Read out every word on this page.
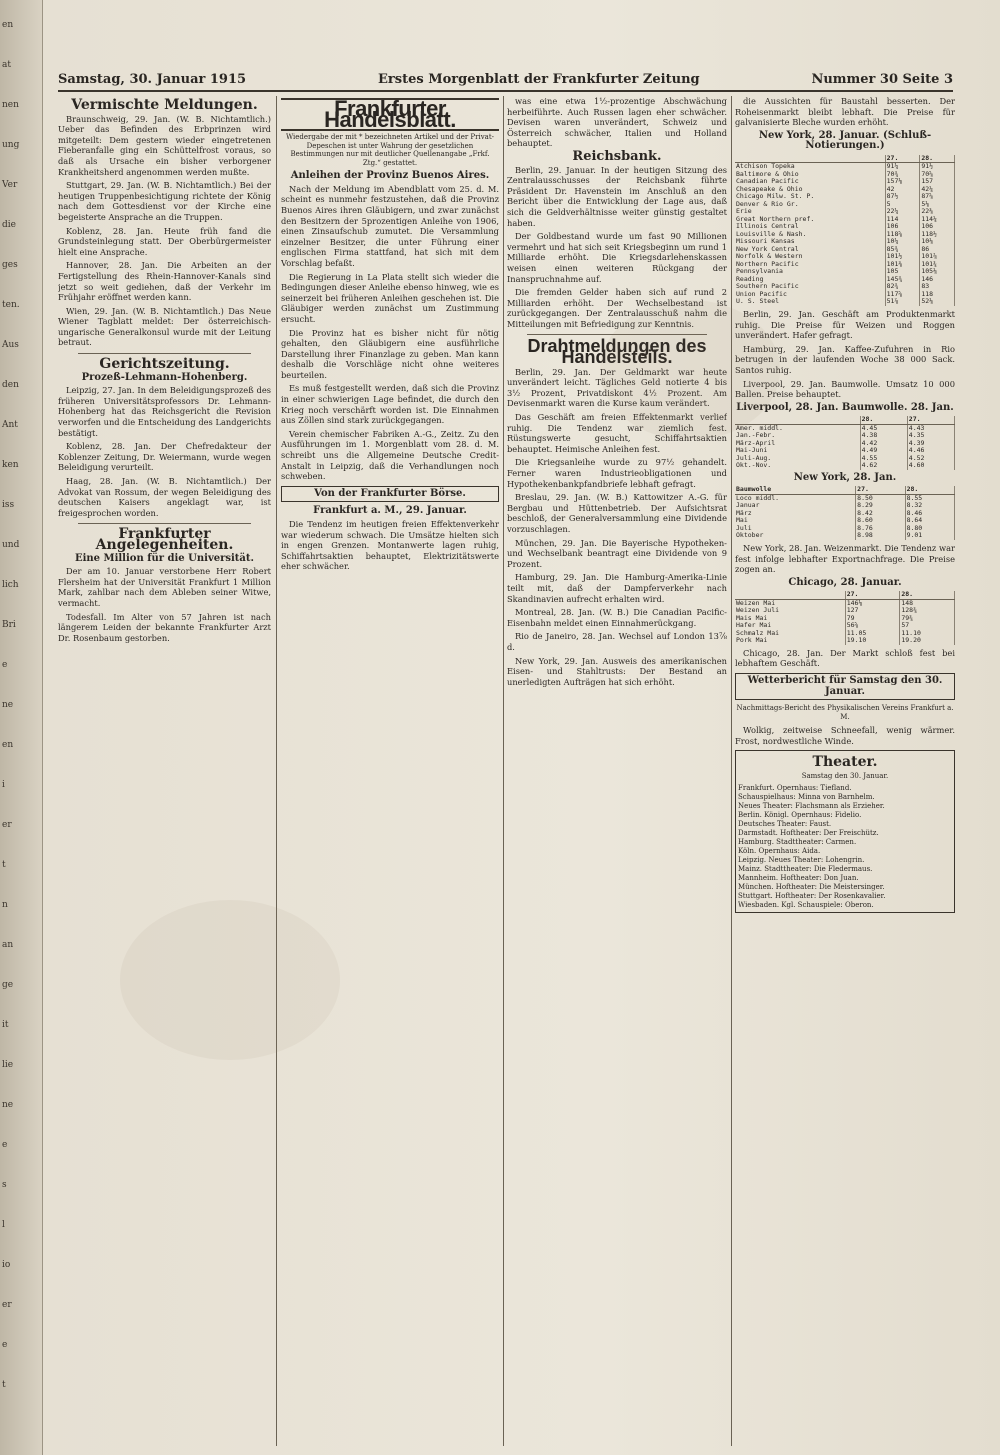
en
at
nen
ung
Ver
die
ges
ten.
Aus
den
Ant
ken
iss
und
lich
Bri
e
ne
en
i
er
t
n
an
ge
it
lie
ne
e
s
l
io
er
e
t
Samstag, 30. Januar 1915	Erstes Morgenblatt der Frankfurter Zeitung	Nummer 30 Seite 3
Vermischte Meldungen.

Braunschweig, 29. Jan. (W. B. Nichtamtlich.) Ueber das Befinden des Erbprinzen wird mitgeteilt: Dem gestern wieder eingetretenen Fieberanfalle ging ein Schüttelfrost voraus, so daß als Ursache ein bisher verborgener Krankheitsherd angenommen werden mußte.

Stuttgart, 29. Jan. (W. B. Nichtamtlich.) Bei der heutigen Truppenbesichtigung richtete der König nach dem Gottesdienst vor der Kirche eine begeisterte Ansprache an die Truppen.

Koblenz, 28. Jan. Heute früh fand die Grundsteinlegung statt. Der Oberbürgermeister hielt eine Ansprache.

Hannover, 28. Jan. Die Arbeiten an der Fertigstellung des Rhein-Hannover-Kanals sind jetzt so weit gediehen, daß der Verkehr im Frühjahr eröffnet werden kann.

Wien, 29. Jan. (W. B. Nichtamtlich.) Das Neue Wiener Tagblatt meldet: Der österreichisch-ungarische Generalkonsul wurde mit der Leitung betraut.

Gerichtszeitung.
Prozeß-Lehmann-Hohenberg.

Leipzig, 27. Jan. In dem Beleidigungsprozeß des früheren Universitätsprofessors Dr. Lehmann-Hohenberg hat das Reichsgericht die Revision verworfen und die Entscheidung des Landgerichts bestätigt.

Koblenz, 28. Jan. Der Chefredakteur der Koblenzer Zeitung, Dr. Weiermann, wurde wegen Beleidigung verurteilt.

Haag, 28. Jan. (W. B. Nichtamtlich.) Der Advokat van Rossum, der wegen Beleidigung des deutschen Kaisers angeklagt war, ist freigesprochen worden.

Frankfurter Angelegenheiten.
Eine Million für die Universität.

Der am 10. Januar verstorbene Herr Robert Flersheim hat der Universität Frankfurt 1 Million Mark, zahlbar nach dem Ableben seiner Witwe, vermacht.

Todesfall. Im Alter von 57 Jahren ist nach längerem Leiden der bekannte Frankfurter Arzt Dr. Rosenbaum gestorben.

Frankfurter Handelsblatt.
Wiedergabe der mit * bezeichneten Artikel und der Privat-Depeschen ist unter Wahrung der gesetzlichen Bestimmungen nur mit deutlicher Quellenangabe „Frkf. Ztg.“ gestattet.
Anleihen der Provinz Buenos Aires.

Nach der Meldung im Abendblatt vom 25. d. M. scheint es nunmehr festzustehen, daß die Provinz Buenos Aires ihren Gläubigern, und zwar zunächst den Besitzern der 5prozentigen Anleihe von 1906, einen Zinsaufschub zumutet. Die Versammlung einzelner Besitzer, die unter Führung einer englischen Firma stattfand, hat sich mit dem Vorschlag befaßt.

Die Regierung in La Plata stellt sich wieder die Bedingungen dieser Anleihe ebenso hinweg, wie es seinerzeit bei früheren Anleihen geschehen ist. Die Gläubiger werden zunächst um Zustimmung ersucht.

Die Provinz hat es bisher nicht für nötig gehalten, den Gläubigern eine ausführliche Darstellung ihrer Finanzlage zu geben. Man kann deshalb die Vorschläge nicht ohne weiteres beurteilen.

Es muß festgestellt werden, daß sich die Provinz in einer schwierigen Lage befindet, die durch den Krieg noch verschärft worden ist. Die Einnahmen aus Zöllen sind stark zurückgegangen.

Verein chemischer Fabriken A.-G., Zeitz. Zu den Ausführungen im 1. Morgenblatt vom 28. d. M. schreibt uns die Allgemeine Deutsche Credit-Anstalt in Leipzig, daß die Verhandlungen noch schweben.

Von der Frankfurter Börse.
Frankfurt a. M., 29. Januar.

Die Tendenz im heutigen freien Effektenverkehr war wiederum schwach. Die Umsätze hielten sich in engen Grenzen. Montanwerte lagen ruhig, Schiffahrtsaktien behauptet, Elektrizitätswerte eher schwächer.

was eine etwa 1½-prozentige Abschwächung herbeiführte. Auch Russen lagen eher schwächer. Devisen waren unverändert, Schweiz und Österreich schwächer, Italien und Holland behauptet.

Reichsbank.

Berlin, 29. Januar. In der heutigen Sitzung des Zentralausschusses der Reichsbank führte Präsident Dr. Havenstein im Anschluß an den Bericht über die Entwicklung der Lage aus, daß sich die Geldverhältnisse weiter günstig gestaltet haben.

Der Goldbestand wurde um fast 90 Millionen vermehrt und hat sich seit Kriegsbeginn um rund 1 Milliarde erhöht. Die Kriegsdarlehenskassen weisen einen weiteren Rückgang der Inanspruchnahme auf.

Die fremden Gelder haben sich auf rund 2 Milliarden erhöht. Der Wechselbestand ist zurückgegangen. Der Zentralausschuß nahm die Mitteilungen mit Befriedigung zur Kenntnis.

Drahtmeldungen des Handelsteils.

Berlin, 29. Jan. Der Geldmarkt war heute unverändert leicht. Tägliches Geld notierte 4 bis 3½ Prozent, Privatdiskont 4½ Prozent. Am Devisenmarkt waren die Kurse kaum verändert.

Das Geschäft am freien Effektenmarkt verlief ruhig. Die Tendenz war ziemlich fest. Rüstungswerte gesucht, Schiffahrtsaktien behauptet. Heimische Anleihen fest.

Die Kriegsanleihe wurde zu 97½ gehandelt. Ferner waren Industrieobligationen und Hypothekenbankpfandbriefe lebhaft gefragt.

Breslau, 29. Jan. (W. B.) Kattowitzer A.-G. für Bergbau und Hüttenbetrieb. Der Aufsichtsrat beschloß, der Generalversammlung eine Dividende vorzuschlagen.

München, 29. Jan. Die Bayerische Hypotheken- und Wechselbank beantragt eine Dividende von 9 Prozent.

Hamburg, 29. Jan. Die Hamburg-Amerika-Linie teilt mit, daß der Dampferverkehr nach Skandinavien aufrecht erhalten wird.

Montreal, 28. Jan. (W. B.) Die Canadian Pacific-Eisenbahn meldet einen Einnahmerückgang.

Rio de Janeiro, 28. Jan. Wechsel auf London 13⅞ d.

New York, 29. Jan. Ausweis des amerikanischen Eisen- und Stahltrusts: Der Bestand an unerledigten Aufträgen hat sich erhöht.

die Aussichten für Baustahl besserten. Der Roheisenmarkt bleibt lebhaft. Die Preise für galvanisierte Bleche wurden erhöht.

New York, 28. Januar. (Schluß-Notierungen.)
	27.	28.
Atchison Topeka	91¼	91½
Baltimore & Ohio	70¾	70⅝
Canadian Pacific	157⅛	157
Chesapeake & Ohio	42	42¼
Chicago Milw. St. P.	87½	87⅝
Denver & Rio Gr.	5	5⅛
Erie	22¼	22⅜
Great Northern pref.	114	114¼
Illinois Central	106	106
Louisville & Nash.	118⅝	118½
Missouri Kansas	10¼	10⅛
New York Central	85¾	86
Norfolk & Western	101½	101⅞
Northern Pacific	101⅜	101¾
Pennsylvania	105	105⅛
Reading	145¾	146
Southern Pacific	82¾	83
Union Pacific	117⅝	118
U. S. Steel	51⅞	52⅛

Berlin, 29. Jan. Geschäft am Produktenmarkt ruhig. Die Preise für Weizen und Roggen unverändert. Hafer gefragt.

Hamburg, 29. Jan. Kaffee-Zufuhren in Rio betrugen in der laufenden Woche 38 000 Sack. Santos ruhig.

Liverpool, 29. Jan. Baumwolle. Umsatz 10 000 Ballen. Preise behauptet.

Liverpool, 28. Jan. Baumwolle. 28. Jan.
	28.	27.
Amer. middl.	4.45	4.43
Jan.-Febr.	4.38	4.35
März-April	4.42	4.39
Mai-Juni	4.49	4.46
Juli-Aug.	4.55	4.52
Okt.-Nov.	4.62	4.60
New York, 28. Jan.
Baumwolle	27.	28.
Loco middl.	8.50	8.55
Januar	8.29	8.32
März	8.42	8.46
Mai	8.60	8.64
Juli	8.76	8.80
Oktober	8.98	9.01

New York, 28. Jan. Weizenmarkt. Die Tendenz war fest infolge lebhafter Exportnachfrage. Die Preise zogen an.

Chicago, 28. Januar.
	27.	28.
Weizen Mai	146⅛	148
Weizen Juli	127	128¾
Mais Mai	79	79¾
Hafer Mai	56⅝	57
Schmalz Mai	11.05	11.10
Pork Mai	19.10	19.20

Chicago, 28. Jan. Der Markt schloß fest bei lebhaftem Geschäft.

Wetterbericht für Samstag den 30. Januar.
Nachmittags-Bericht des Physikalischen Vereins Frankfurt a. M.

Wolkig, zeitweise Schneefall, wenig wärmer. Frost, nordwestliche Winde.

Theater.
Samstag den 30. Januar.
Frankfurt. Opernhaus: Tiefland.
Schauspielhaus: Minna von Barnhelm.
Neues Theater: Flachsmann als Erzieher.
Berlin. Königl. Opernhaus: Fidelio.
Deutsches Theater: Faust.
Darmstadt. Hoftheater: Der Freischütz.
Hamburg. Stadttheater: Carmen.
Köln. Opernhaus: Aida.
Leipzig. Neues Theater: Lohengrin.
Mainz. Stadttheater: Die Fledermaus.
Mannheim. Hoftheater: Don Juan.
München. Hoftheater: Die Meistersinger.
Stuttgart. Hoftheater: Der Rosenkavalier.
Wiesbaden. Kgl. Schauspiele: Oberon.
